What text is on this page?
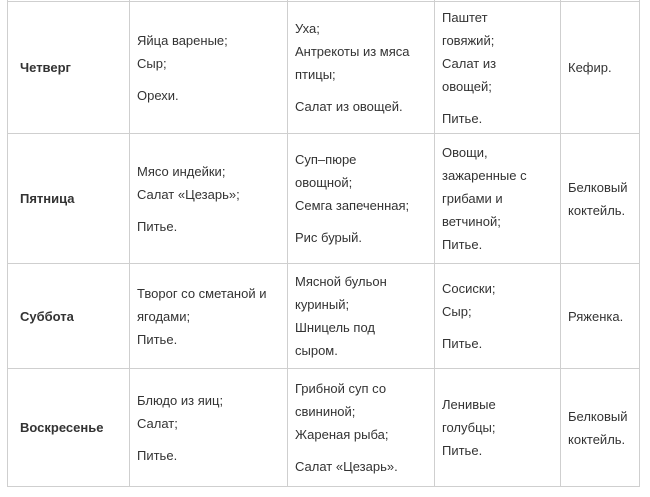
Четверг	Яйца вареные;
Сыр;
Орехи.	Уха;
Антрекоты из мяса
птицы;
Салат из овощей.	Паштет
говяжий;
Салат из
овощей;
Питье.	Кефир.

Пятница	Мясо индейки;
Салат «Цезарь»;
Питье.	Суп–пюре
овощной;
Семга запеченная;
Рис бурый.	Овощи,
зажаренные с
грибами и
ветчиной;
Питье.	Белковый
коктейль.

Суббота	Творог со сметаной и
ягодами;
Питье.	Мясной бульон
куриный;
Шницель под
сыром.	Сосиски;
Сыр;
Питье.	Ряженка.

Воскресенье	Блюдо из яиц;
Салат;
Питье.	Грибной суп со
свининой;
Жареная рыба;
Салат «Цезарь».	Ленивые
голубцы;
Питье.	Белковый
коктейль.
